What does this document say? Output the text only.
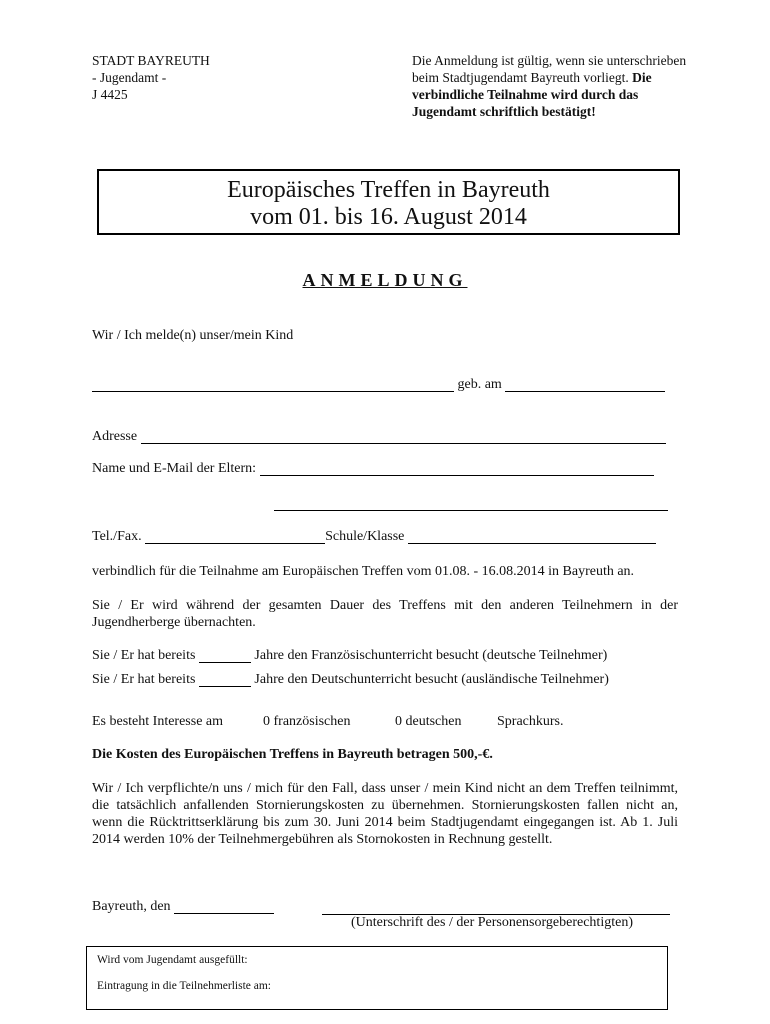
STADT BAYREUTH
- Jugendamt -
J 4425
Die Anmeldung ist gültig, wenn sie unterschrieben beim Stadtjugendamt Bayreuth vorliegt. Die verbindliche Teilnahme wird durch das Jugendamt schriftlich bestätigt!
Europäisches Treffen in Bayreuth
vom 01. bis 16. August 2014
ANMELDUNG
Wir / Ich melde(n) unser/mein Kind
geb. am
Adresse
Name und E-Mail der Eltern:
Tel./Fax.	Schule/Klasse
verbindlich für die Teilnahme am Europäischen Treffen vom 01.08. - 16.08.2014 in Bayreuth an.
Sie / Er wird während der gesamten Dauer des Treffens mit den anderen Teilnehmern in der Jugendherberge übernachten.
Sie / Er hat bereits	Jahre den Französischunterricht besucht (deutsche Teilnehmer)
Sie / Er hat bereits	Jahre den Deutschunterricht besucht (ausländische Teilnehmer)
Es besteht Interesse am	0 französischen	0 deutschen	Sprachkurs.
Die Kosten des Europäischen Treffens in Bayreuth betragen 500,-€.
Wir / Ich verpflichte/n uns / mich für den Fall, dass unser / mein Kind nicht an dem Treffen teilnimmt, die tatsächlich anfallenden Stornierungskosten zu übernehmen. Stornierungskosten fallen nicht an, wenn die Rücktrittserklärung bis zum 30. Juni 2014 beim Stadtjugendamt eingegangen ist. Ab 1. Juli 2014 werden 10% der Teilnehmergebühren als Stornokosten in Rechnung gestellt.
Bayreuth, den
(Unterschrift des / der Personensorgeberechtigten)
Wird vom Jugendamt ausgefüllt:
Eintragung in die Teilnehmerliste am:
